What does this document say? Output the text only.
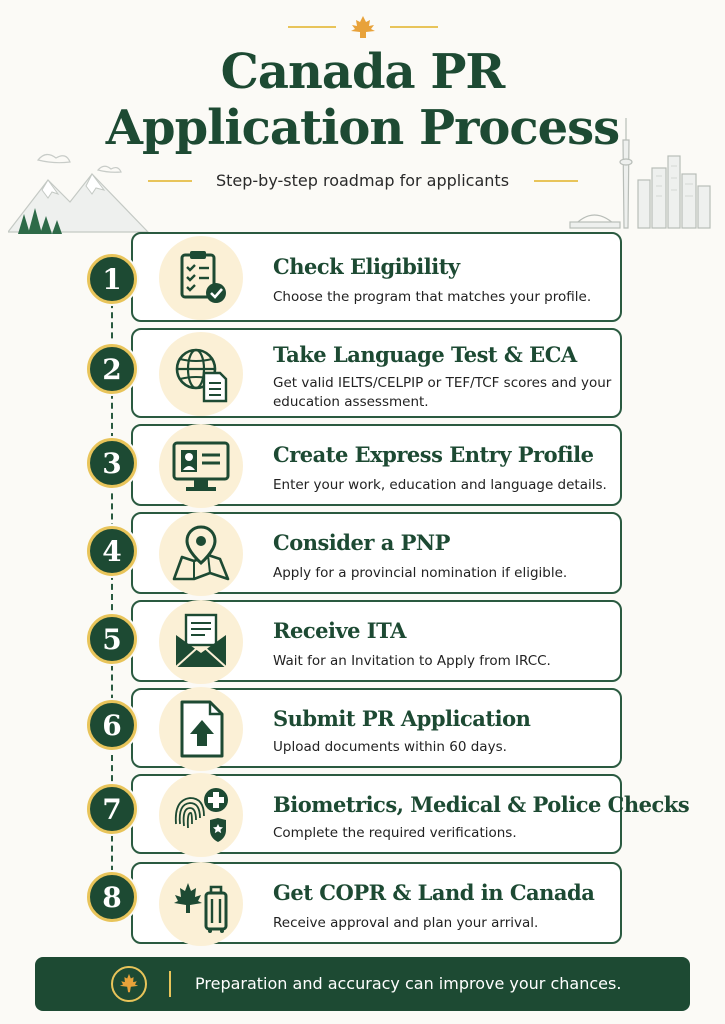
Canada PR
Application Process
Step-by-step roadmap for applicants
Check Eligibility
Choose the program that matches your profile.
1
Take Language Test & ECA
Get valid IELTS/CELPIP or TEF/TCF scores and your education assessment.
2
Create Express Entry Profile
Enter your work, education and language details.
3
Consider a PNP
Apply for a provincial nomination if eligible.
4
Receive ITA
Wait for an Invitation to Apply from IRCC.
5
Submit PR Application
Upload documents within 60 days.
6
Biometrics, Medical & Police Checks
Complete the required verifications.
7
Get COPR & Land in Canada
Receive approval and plan your arrival.
8
Preparation and accuracy can improve your chances.
